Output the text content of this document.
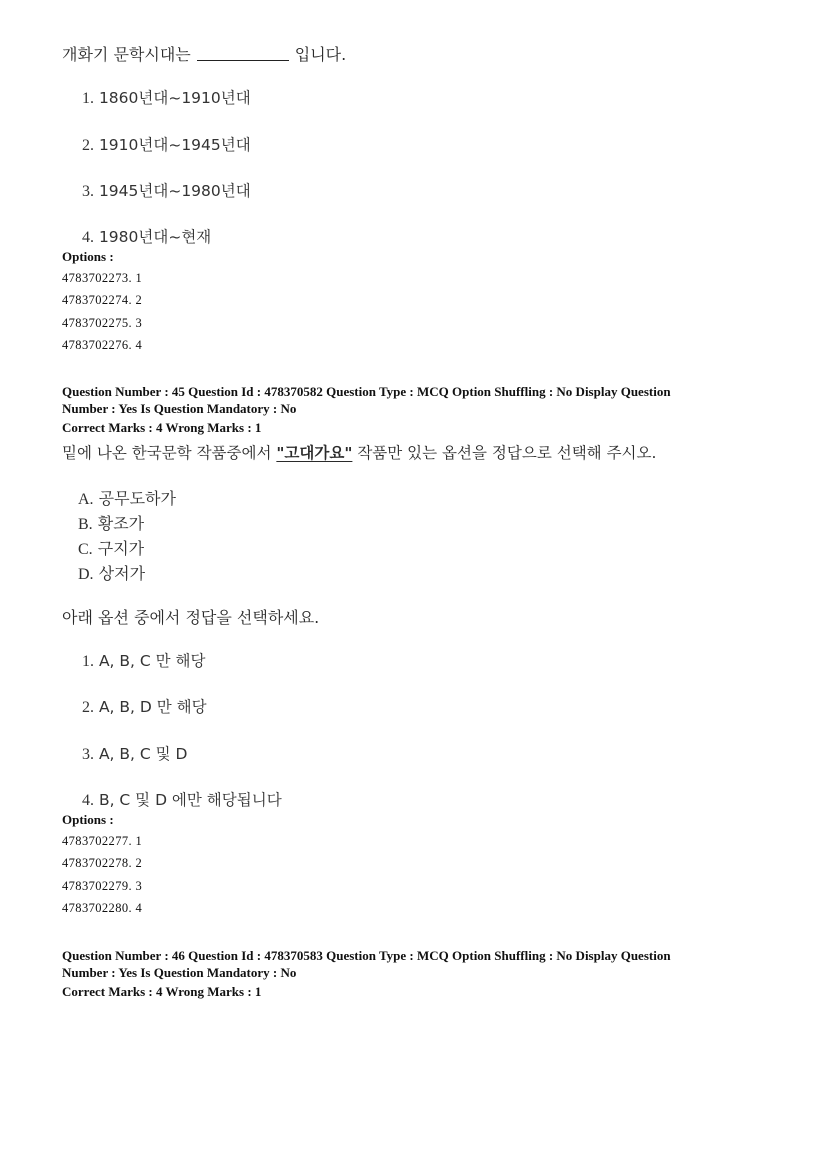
개화기 문학시대는	입니다.
1. 1860년대~1910년대
2. 1910년대~1945년대
3. 1945년대~1980년대
4. 1980년대~현재
Options :
4783702273. 1
4783702274. 2
4783702275. 3
4783702276. 4
Question Number : 45 Question Id : 478370582 Question Type : MCQ Option Shuffling : No Display Question
Number : Yes Is Question Mandatory : No
Correct Marks : 4 Wrong Marks : 1
밑에 나온 한국문학 작품중에서 "고대가요" 작품만 있는 옵션을 정답으로 선택해 주시오.
A. 공무도하가
B. 황조가
C. 구지가
D. 상저가
아래 옵션 중에서 정답을 선택하세요.
1. A, B, C 만 해당
2. A, B, D 만 해당
3. A, B, C 및 D
4. B, C 및 D 에만 해당됩니다
Options :
4783702277. 1
4783702278. 2
4783702279. 3
4783702280. 4
Question Number : 46 Question Id : 478370583 Question Type : MCQ Option Shuffling : No Display Question
Number : Yes Is Question Mandatory : No
Correct Marks : 4 Wrong Marks : 1
